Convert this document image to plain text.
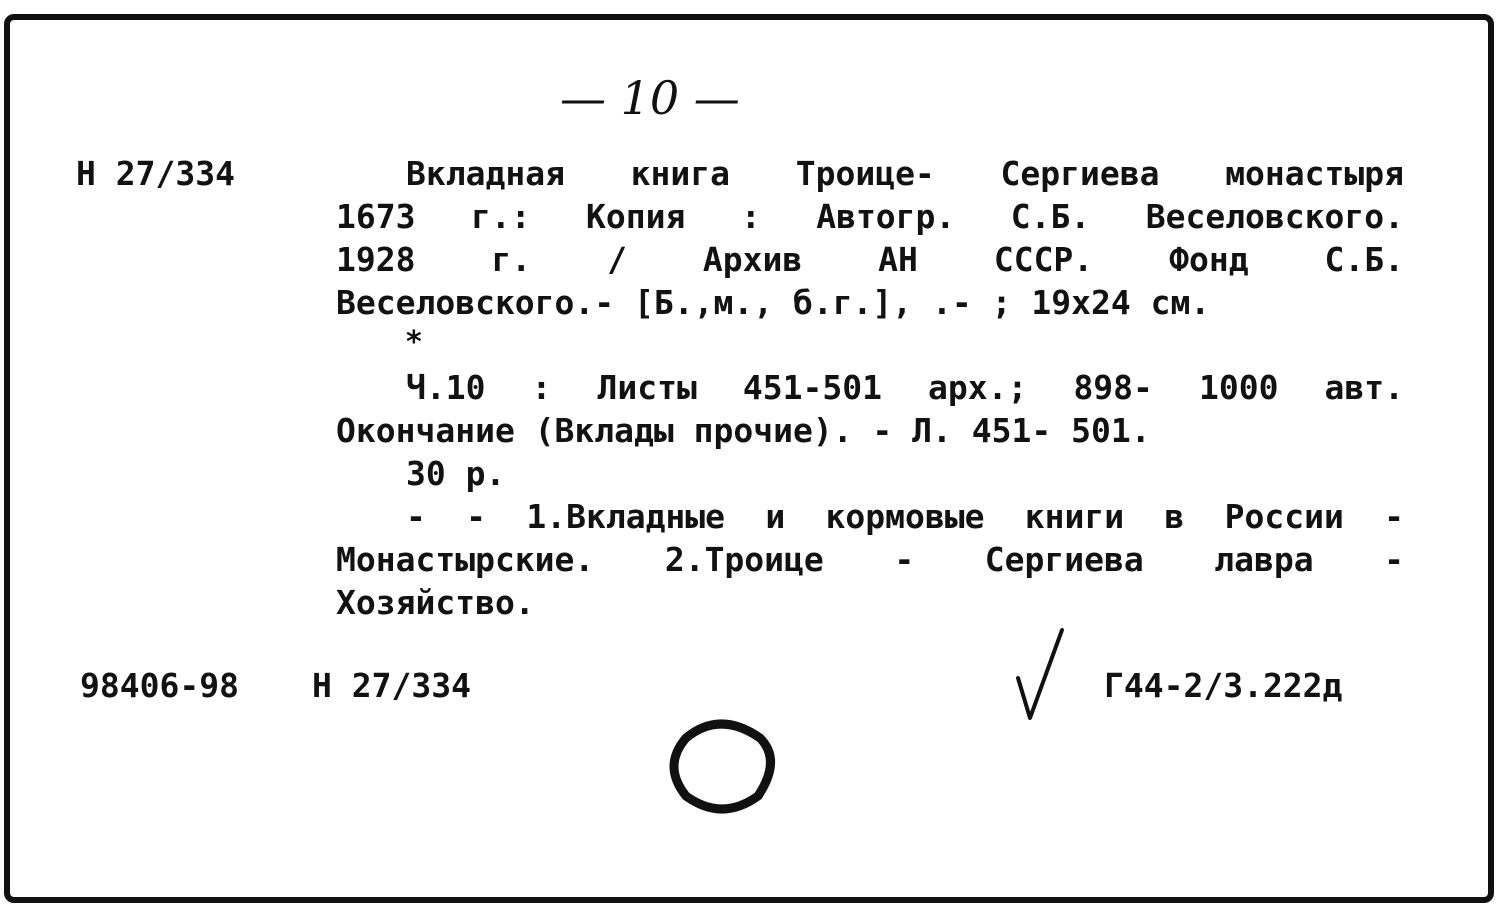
— 10 —
Н 27/334	Вкладная книга Троице- Сергиева монастыря
1673 г.: Копия : Автогр. С.Б. Веселовского.
1928 г. / Архив АН СССР. Фонд С.Б.
Веселовского.- [Б.,м., б.г.], .- ; 19х24 см.
*
Ч.10 : Листы 451-501 арх.; 898- 1000 авт.
Окончание (Вклады прочие). - Л. 451- 501.
30 р.
- - 1.Вкладные и кормовые книги в России -
Монастырские. 2.Троице - Сергиева лавра -
Хозяйство.
98406-98 Н 27/334	Г44-2/3.222д
